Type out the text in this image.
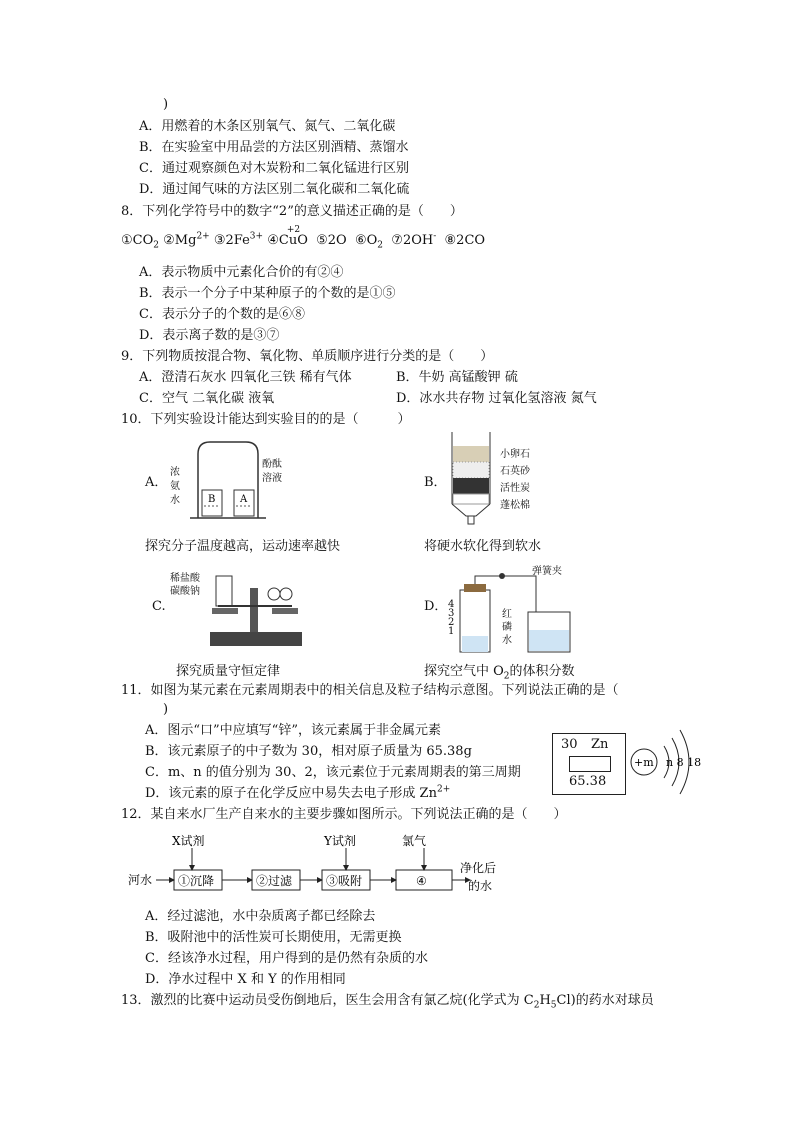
)
A．用燃着的木条区别氧气、氮气、二氧化碳
B．在实验室中用品尝的方法区别酒精、蒸馏水
C．通过观察颜色对木炭粉和二氧化锰进行区别
D．通过闻气味的方法区别二氧化碳和二氧化硫
8．下列化学符号中的数字“2”的意义描述正确的是（　　）
$①CO_2$ $②Mg^{2+}$ $③2Fe^{3+}$ ④
+2
CuO ⑤2O $⑥O_2$ ⑦2OH- ⑧2CO
A．表示物质中元素化合价的有②④
B．表示一个分子中某种原子的个数的是①⑤
C．表示分子的个数的是⑥⑧
D．表示离子数的是③⑦
9．下列物质按混合物、氧化物、单质顺序进行分类的是（　　）
A．澄清石灰水 四氧化三铁 稀有气体	B．牛奶 高锰酸钾 硫
C．空气 二氧化碳 液氧	D．冰水共存物 过氧化氢溶液 氮气
10．下列实验设计能达到实验目的的是（　　　）
A．
浓
氨
水
酚酞
溶液
B A
探究分子温度越高，运动速率越快
B．
小卵石
石英砂
活性炭
蓬松棉
将硬水软化得到软水
C.
稀盐酸
碳酸钠
探究质量守恒定律
D． 4
3
2
1
弹簧夹
红
磷
水
探究空气中 $O_2$的体积分数
11．如图为某元素在元素周期表中的相关信息及粒子结构示意图。下列说法正确的是（
)
A．图示“口”中应填写“锌”，该元素属于非金属元素
B．该元素原子的中子数为 30，相对原子质量为 65.38g
C．m、n 的值分别为 30、2，该元素位于元素周期表的第三周期
D．该元素的原子在化学反应中易失去电子形成 $Zn^{2+}$
30 Zn
65.38
+m n 8 18
12．某自来水厂生产自来水的主要步骤如图所示。下列说法正确的是（　　）
河水 ①沉降	②过滤	③吸附	④
X试剂	Y试剂	氯气
净化后
的水
A．经过滤池，水中杂质离子都已经除去
B．吸附池中的活性炭可长期使用，无需更换
C．经该净水过程，用户得到的是仍然有杂质的水
D．净水过程中 X 和 Y 的作用相同
13．激烈的比赛中运动员受伤倒地后，医生会用含有氯乙烷(化学式为 $C_2H_5Cl$)的药水对球员
